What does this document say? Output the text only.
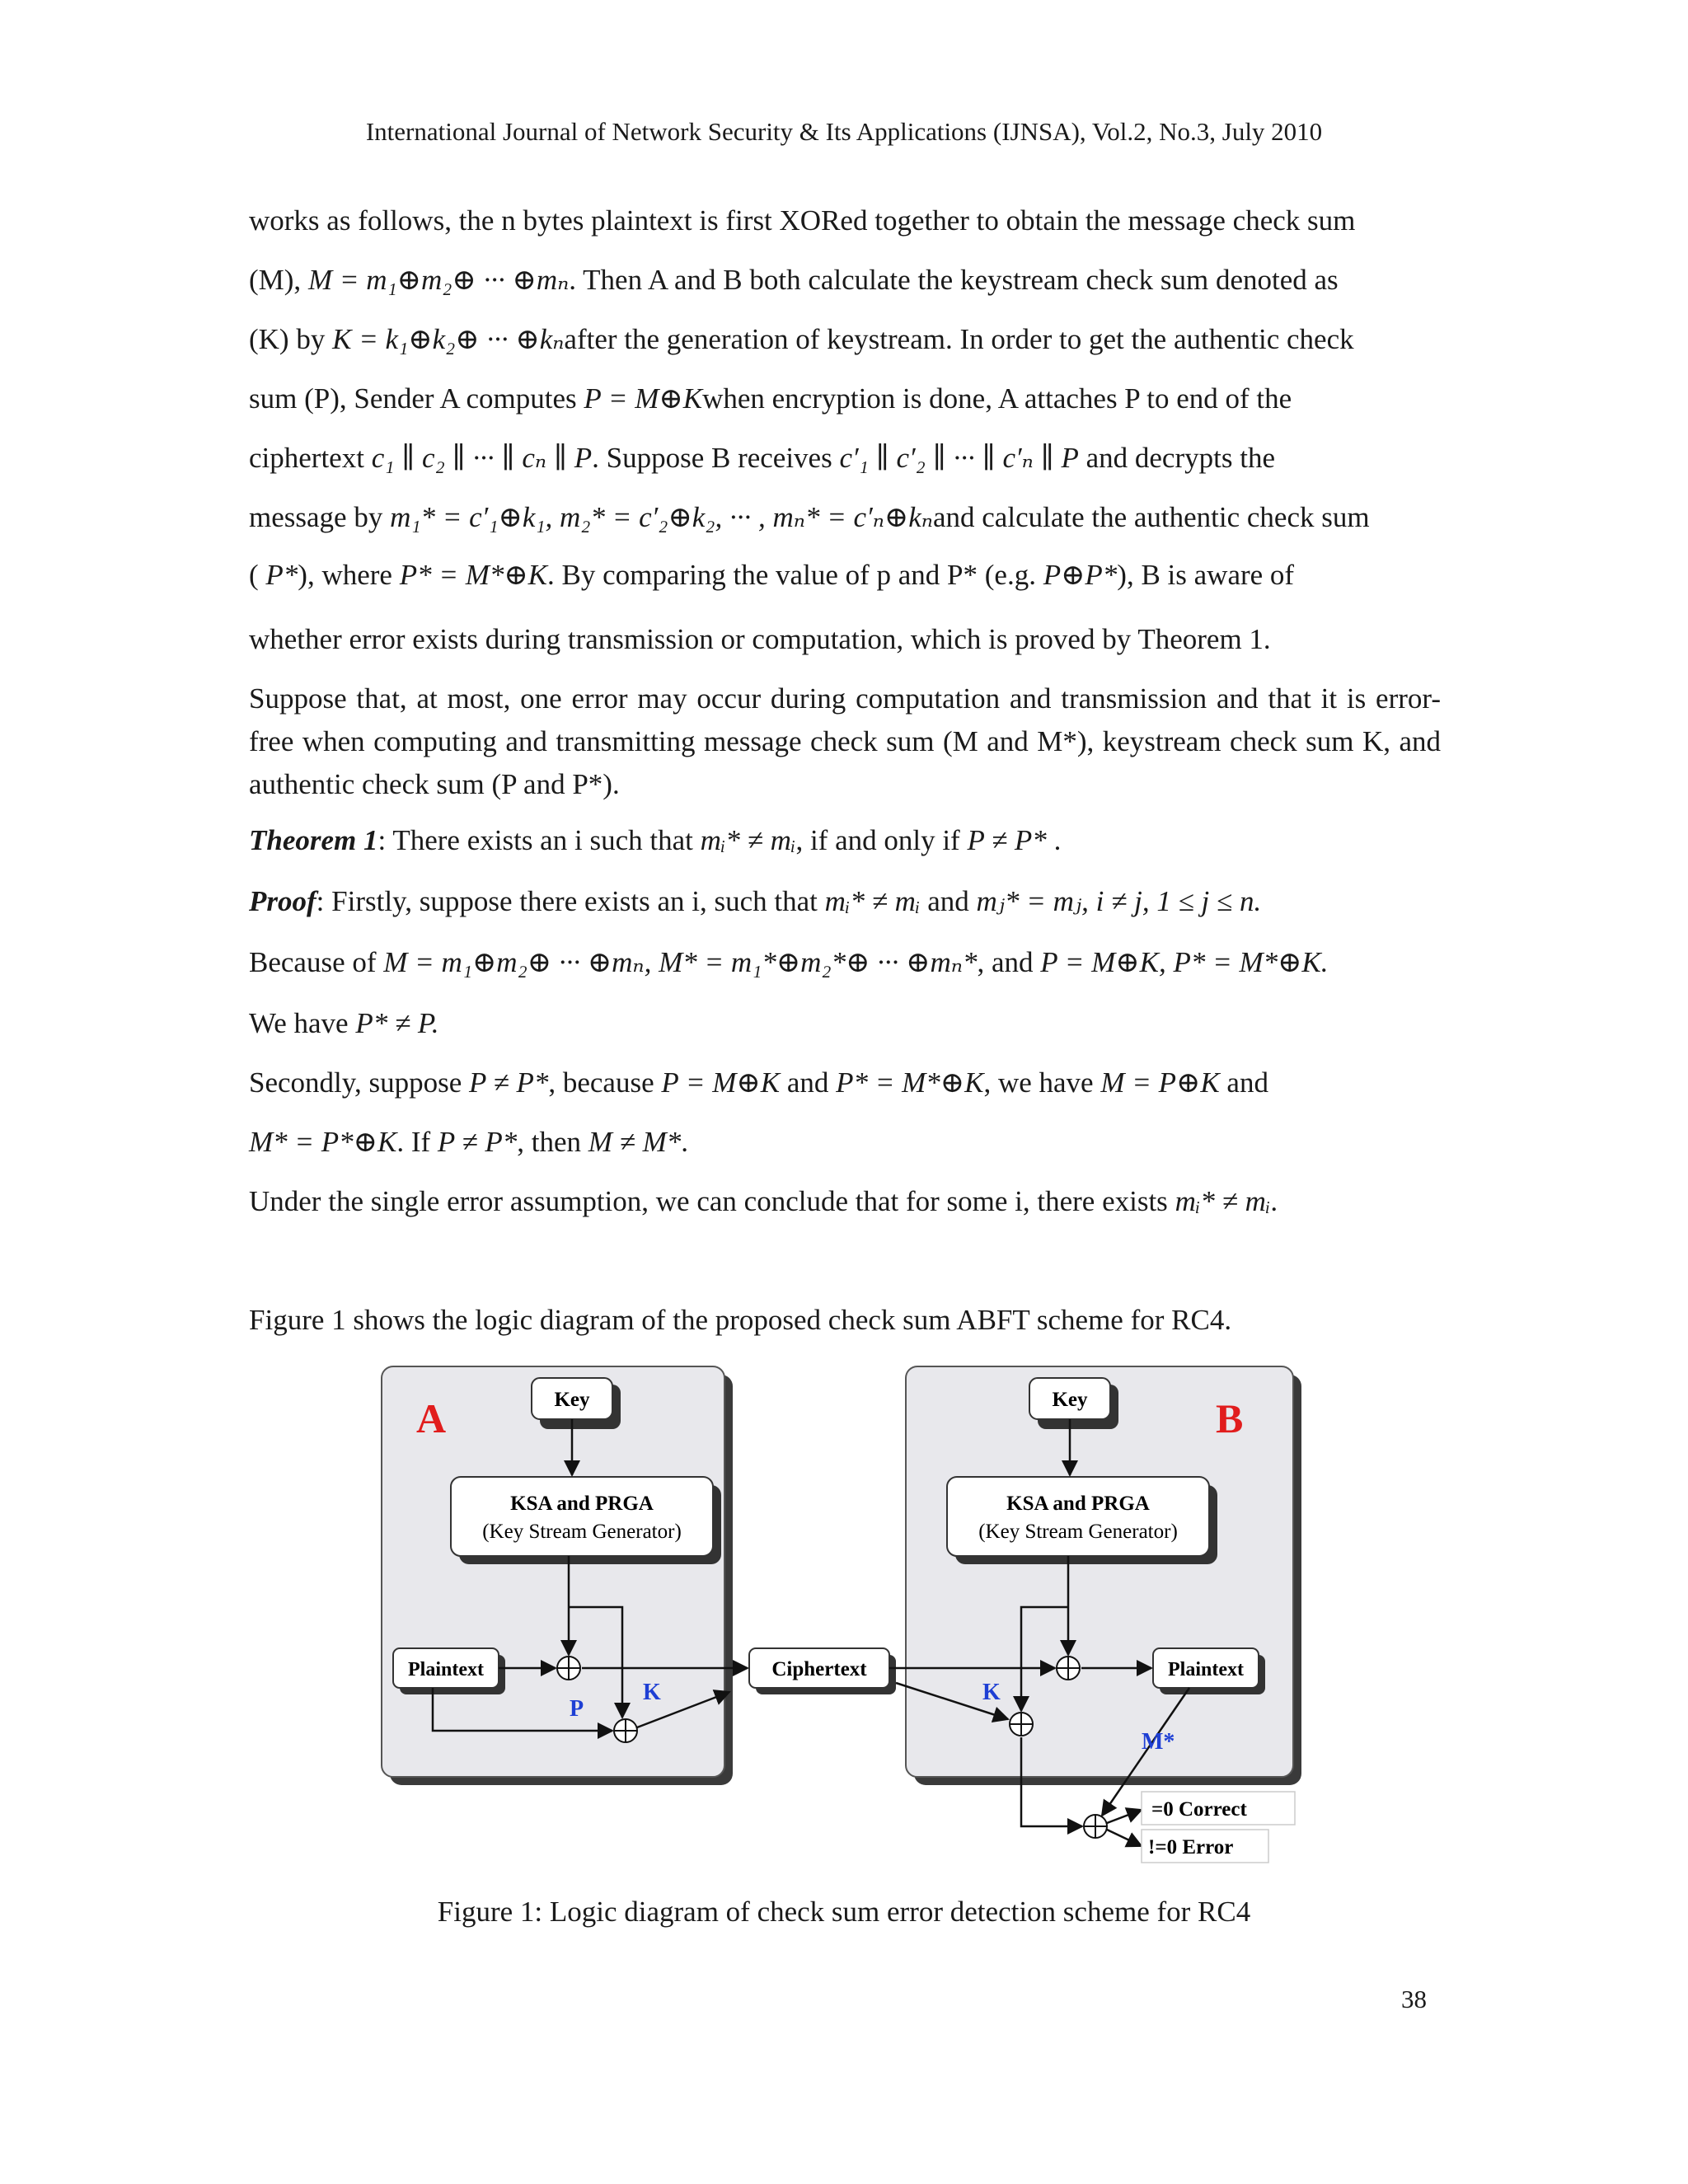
International Journal of Network Security & Its Applications (IJNSA), Vol.2, No.3, July 2010
works as follows, the n bytes plaintext is first XORed together to obtain the message check sum
(M), M = m₁⊕m₂⊕ ··· ⊕mₙ. Then A and B both calculate the keystream check sum denoted as
(K) by K = k₁⊕k₂⊕ ··· ⊕kₙafter the generation of keystream. In order to get the authentic check
sum (P), Sender A computes P = M⊕Kwhen encryption is done, A attaches P to end of the
ciphertext c₁ ∥ c₂ ∥ ··· ∥ cₙ ∥ P. Suppose B receives c′₁ ∥ c′₂ ∥ ··· ∥ c′ₙ ∥ P and decrypts the
message by m₁* = c′₁⊕k₁, m₂* = c′₂⊕k₂, ··· , mₙ* = c′ₙ⊕kₙand calculate the authentic check sum
( P*), where P* = M*⊕K. By comparing the value of p and P* (e.g. P⊕P*), B is aware of
whether error exists during transmission or computation, which is proved by Theorem 1.
Suppose that, at most, one error may occur during computation and transmission and that it is error-free when computing and transmitting message check sum (M and M*), keystream check sum K, and authentic check sum (P and P*).
Theorem 1: There exists an i such that mᵢ* ≠ mᵢ, if and only if P ≠ P* .
Proof: Firstly, suppose there exists an i, such that mᵢ* ≠ mᵢ and mⱼ* = mⱼ, i ≠ j, 1 ≤ j ≤ n.
Because of M = m₁⊕m₂⊕ ··· ⊕mₙ, M* = m₁*⊕m₂*⊕ ··· ⊕mₙ*, and P = M⊕K, P* = M*⊕K.
We have P* ≠ P.
Secondly, suppose P ≠ P*, because P = M⊕K and P* = M*⊕K, we have M = P⊕K and
M* = P*⊕K. If P ≠ P*, then M ≠ M*.
Under the single error assumption, we can conclude that for some i, there exists mᵢ* ≠ mᵢ.
Figure 1 shows the logic diagram of the proposed check sum ABFT scheme for RC4.
A	B
Key
KSA and PRGA
(Key Stream Generator)
Plaintext	Ciphertext
Key
KSA and PRGA
(Key Stream Generator)
Plaintext
P
K	K
M*
=0 Correct
!=0 Error
Figure 1: Logic diagram of check sum error detection scheme for RC4
38
